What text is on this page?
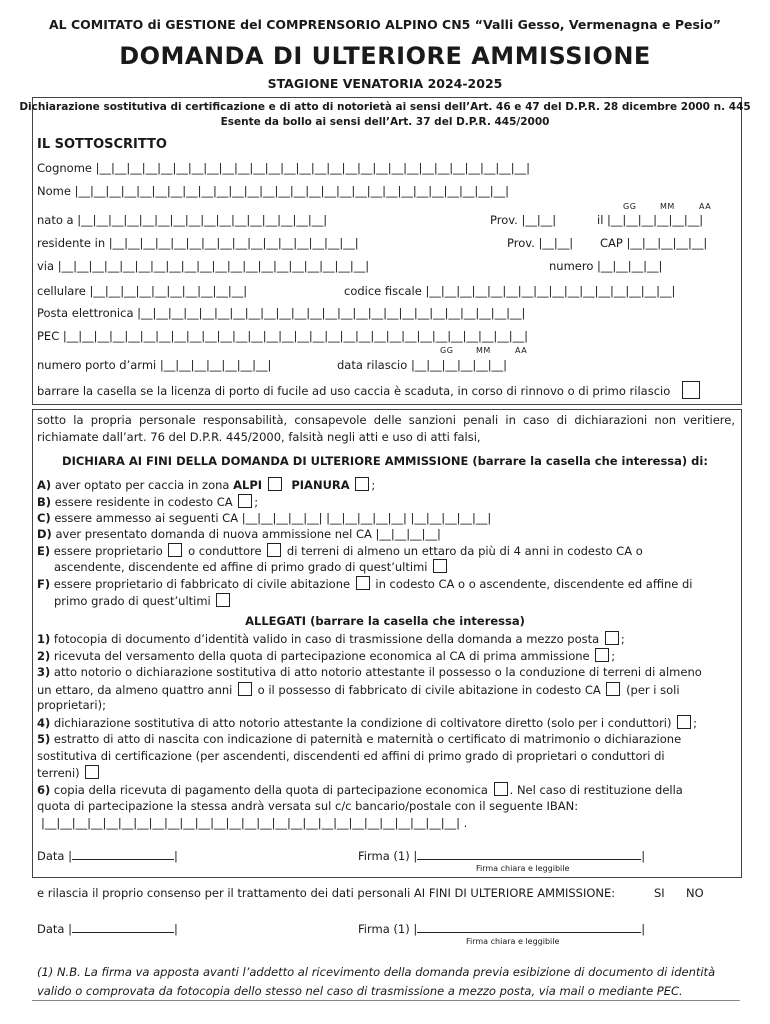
AL COMITATO di GESTIONE del COMPRENSORIO ALPINO CN5 “Valli Gesso, Vermenagna e Pesio”
DOMANDA DI ULTERIORE AMMISSIONE
STAGIONE VENATORIA 2024-2025
Dichiarazione sostitutiva di certificazione e di atto di notorietà ai sensi dell’Art. 46 e 47 del D.P.R. 28 dicembre 2000 n. 445
Esente da bollo ai sensi dell’Art. 37 del D.P.R. 445/2000
IL SOTTOSCRITTO
Cognome |__|__|__|__|__|__|__|__|__|__|__|__|__|__|__|__|__|__|__|__|__|__|__|__|__|__|__|__|
Nome |__|__|__|__|__|__|__|__|__|__|__|__|__|__|__|__|__|__|__|__|__|__|__|__|__|__|__|__|
GG	MM	AA
nato a |__|__|__|__|__|__|__|__|__|__|__|__|__|__|__|__|	Prov. |__|__|	il |__|__|__|__|__|__|
residente in |__|__|__|__|__|__|__|__|__|__|__|__|__|__|__|__|	Prov. |__|__| CAP |__|__|__|__|__|
via |__|__|__|__|__|__|__|__|__|__|__|__|__|__|__|__|__|__|__|__|	numero |__|__|__|__|
cellulare |__|__|__|__|__|__|__|__|__|__|	codice fiscale |__|__|__|__|__|__|__|__|__|__|__|__|__|__|__|__|
Posta elettronica |__|__|__|__|__|__|__|__|__|__|__|__|__|__|__|__|__|__|__|__|__|__|__|__|__|
PEC |__|__|__|__|__|__|__|__|__|__|__|__|__|__|__|__|__|__|__|__|__|__|__|__|__|__|__|__|__|__|
GG	MM	AA
numero porto d’armi |__|__|__|__|__|__|__|	data rilascio |__|__|__|__|__|__|
barrare la casella se la licenza di porto di fucile ad uso caccia è scaduta, in corso di rinnovo o di primo rilascio
sotto la propria personale responsabilità, consapevole delle sanzioni penali in caso di dichiarazioni non veritiere, richiamate dall’art. 76 del D.P.R. 445/2000, falsità negli atti e uso di atti falsi,
DICHIARA AI FINI DELLA DOMANDA DI ULTERIORE AMMISSIONE (barrare la casella che interessa) di:
A) aver optato per caccia in zona ALPI	PIANURA ;
B) essere residente in codesto CA ;
C) essere ammesso ai seguenti CA |__|__|__|__|__| |__|__|__|__|__| |__|__|__|__|__|
D) aver presentato domanda di nuova ammissione nel CA |__|__|__|__|
E) essere proprietario o conduttore di terreni di almeno un ettaro da più di 4 anni in codesto CA o
ascendente, discendente ed affine di primo grado di quest’ultimi
F) essere proprietario di fabbricato di civile abitazione in codesto CA o o ascendente, discendente ed affine di
primo grado di quest’ultimi
ALLEGATI (barrare la casella che interessa)
1) fotocopia di documento d’identità valido in caso di trasmissione della domanda a mezzo posta ;
2) ricevuta del versamento della quota di partecipazione economica al CA di prima ammissione ;
3) atto notorio o dichiarazione sostitutiva di atto notorio attestante il possesso o la conduzione di terreni di almeno
un ettaro, da almeno quattro anni o il possesso di fabbricato di civile abitazione in codesto CA (per i soli
proprietari);
4) dichiarazione sostitutiva di atto notorio attestante la condizione di coltivatore diretto (solo per i conduttori) ;
5) estratto di atto di nascita con indicazione di paternità e maternità o certificato di matrimonio o dichiarazione
sostitutiva di certificazione (per ascendenti, discendenti ed affini di primo grado di proprietari o conduttori di
terreni)
6) copia della ricevuta di pagamento della quota di partecipazione economica . Nel caso di restituzione della
quota di partecipazione la stessa andrà versata sul c/c bancario/postale con il seguente IBAN:
|__|__|__|__|__|__|__|__|__|__|__|__|__|__|__|__|__|__|__|__|__|__|__|__|__|__|__| .
Data |	|	Firma (1) |	|
Firma chiara e leggibile
e rilascia il proprio consenso per il trattamento dei dati personali AI FINI DI ULTERIORE AMMISSIONE:	SI NO
Data |	|	Firma (1) |	|
Firma chiara e leggibile
(1) N.B. La firma va apposta avanti l’addetto al ricevimento della domanda previa esibizione di documento di identità
valido o comprovata da fotocopia dello stesso nel caso di trasmissione a mezzo posta, via mail o mediante PEC.
